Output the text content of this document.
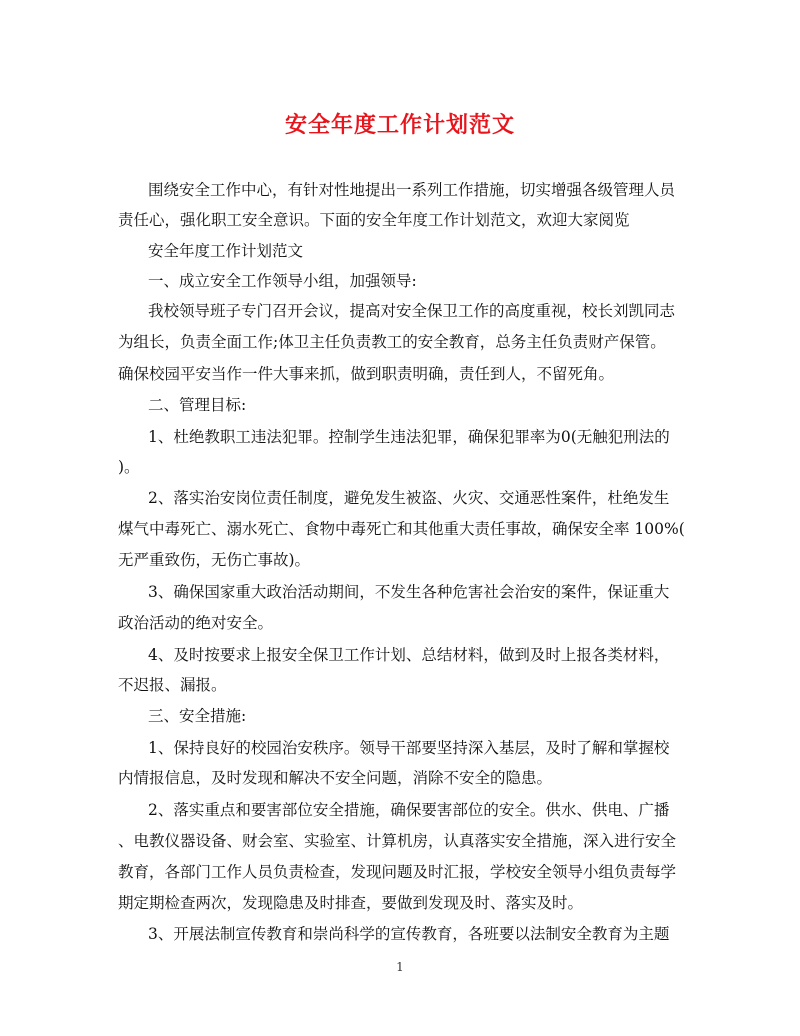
安全年度工作计划范文
围绕安全工作中心，有针对性地提出一系列工作措施，切实增强各级管理人员
责任心，强化职工安全意识。下面的安全年度工作计划范文，欢迎大家阅览
安全年度工作计划范文
一、成立安全工作领导小组，加强领导:
我校领导班子专门召开会议，提高对安全保卫工作的高度重视，校长刘凯同志
为组长，负责全面工作;体卫主任负责教工的安全教育，总务主任负责财产保管。
确保校园平安当作一件大事来抓，做到职责明确，责任到人，不留死角。
二、管理目标:
1、杜绝教职工违法犯罪。控制学生违法犯罪，确保犯罪率为0(无触犯刑法的
)。
2、落实治安岗位责任制度，避免发生被盗、火灾、交通恶性案件，杜绝发生
煤气中毒死亡、溺水死亡、食物中毒死亡和其他重大责任事故，确保安全率 100%(
无严重致伤，无伤亡事故)。
3、确保国家重大政治活动期间，不发生各种危害社会治安的案件，保证重大
政治活动的绝对安全。
4、及时按要求上报安全保卫工作计划、总结材料，做到及时上报各类材料，
不迟报、漏报。
三、安全措施:
1、保持良好的校园治安秩序。领导干部要坚持深入基层，及时了解和掌握校
内情报信息，及时发现和解决不安全问题，消除不安全的隐患。
2、落实重点和要害部位安全措施，确保要害部位的安全。供水、供电、广播
、电教仪器设备、财会室、实验室、计算机房，认真落实安全措施，深入进行安全
教育，各部门工作人员负责检查，发现问题及时汇报，学校安全领导小组负责每学
期定期检查两次，发现隐患及时排查，要做到发现及时、落实及时。
3、开展法制宣传教育和崇尚科学的宣传教育，各班要以法制安全教育为主题
1
